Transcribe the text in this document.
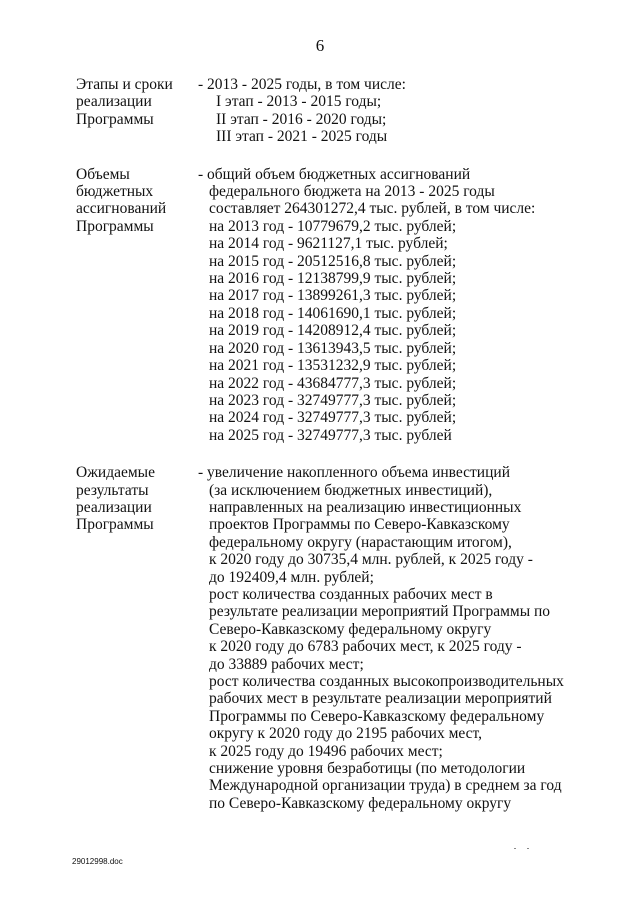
6
Этапы и сроки
реализации
Программы
- 2013 - 2025 годы, в том числе:
I этап - 2013 - 2015 годы;
II этап - 2016 - 2020 годы;
III этап - 2021 - 2025 годы
Объемы
бюджетных
ассигнований
Программы
- общий объем бюджетных ассигнований
федерального бюджета на 2013 - 2025 годы
составляет 264301272,4 тыс. рублей, в том числе:
на 2013 год - 10779679,2 тыс. рублей;
на 2014 год - 9621127,1 тыс. рублей;
на 2015 год - 20512516,8 тыс. рублей;
на 2016 год - 12138799,9 тыс. рублей;
на 2017 год - 13899261,3 тыс. рублей;
на 2018 год - 14061690,1 тыс. рублей;
на 2019 год - 14208912,4 тыс. рублей;
на 2020 год - 13613943,5 тыс. рублей;
на 2021 год - 13531232,9 тыс. рублей;
на 2022 год - 43684777,3 тыс. рублей;
на 2023 год - 32749777,3 тыс. рублей;
на 2024 год - 32749777,3 тыс. рублей;
на 2025 год - 32749777,3 тыс. рублей
Ожидаемые
результаты
реализации
Программы
- увеличение накопленного объема инвестиций
(за исключением бюджетных инвестиций),
направленных на реализацию инвестиционных
проектов Программы по Северо-Кавказскому
федеральному округу (нарастающим итогом),
к 2020 году до 30735,4 млн. рублей, к 2025 году -
до 192409,4 млн. рублей;
рост количества созданных рабочих мест в
результате реализации мероприятий Программы по
Северо-Кавказскому федеральному округу
к 2020 году до 6783 рабочих мест, к 2025 году -
до 33889 рабочих мест;
рост количества созданных высокопроизводительных
рабочих мест в результате реализации мероприятий
Программы по Северо-Кавказскому федеральному
округу к 2020 году до 2195 рабочих мест,
к 2025 году до 19496 рабочих мест;
снижение уровня безработицы (по методологии
Международной организации труда) в среднем за год
по Северо-Кавказскому федеральному округу
29012998.doc
